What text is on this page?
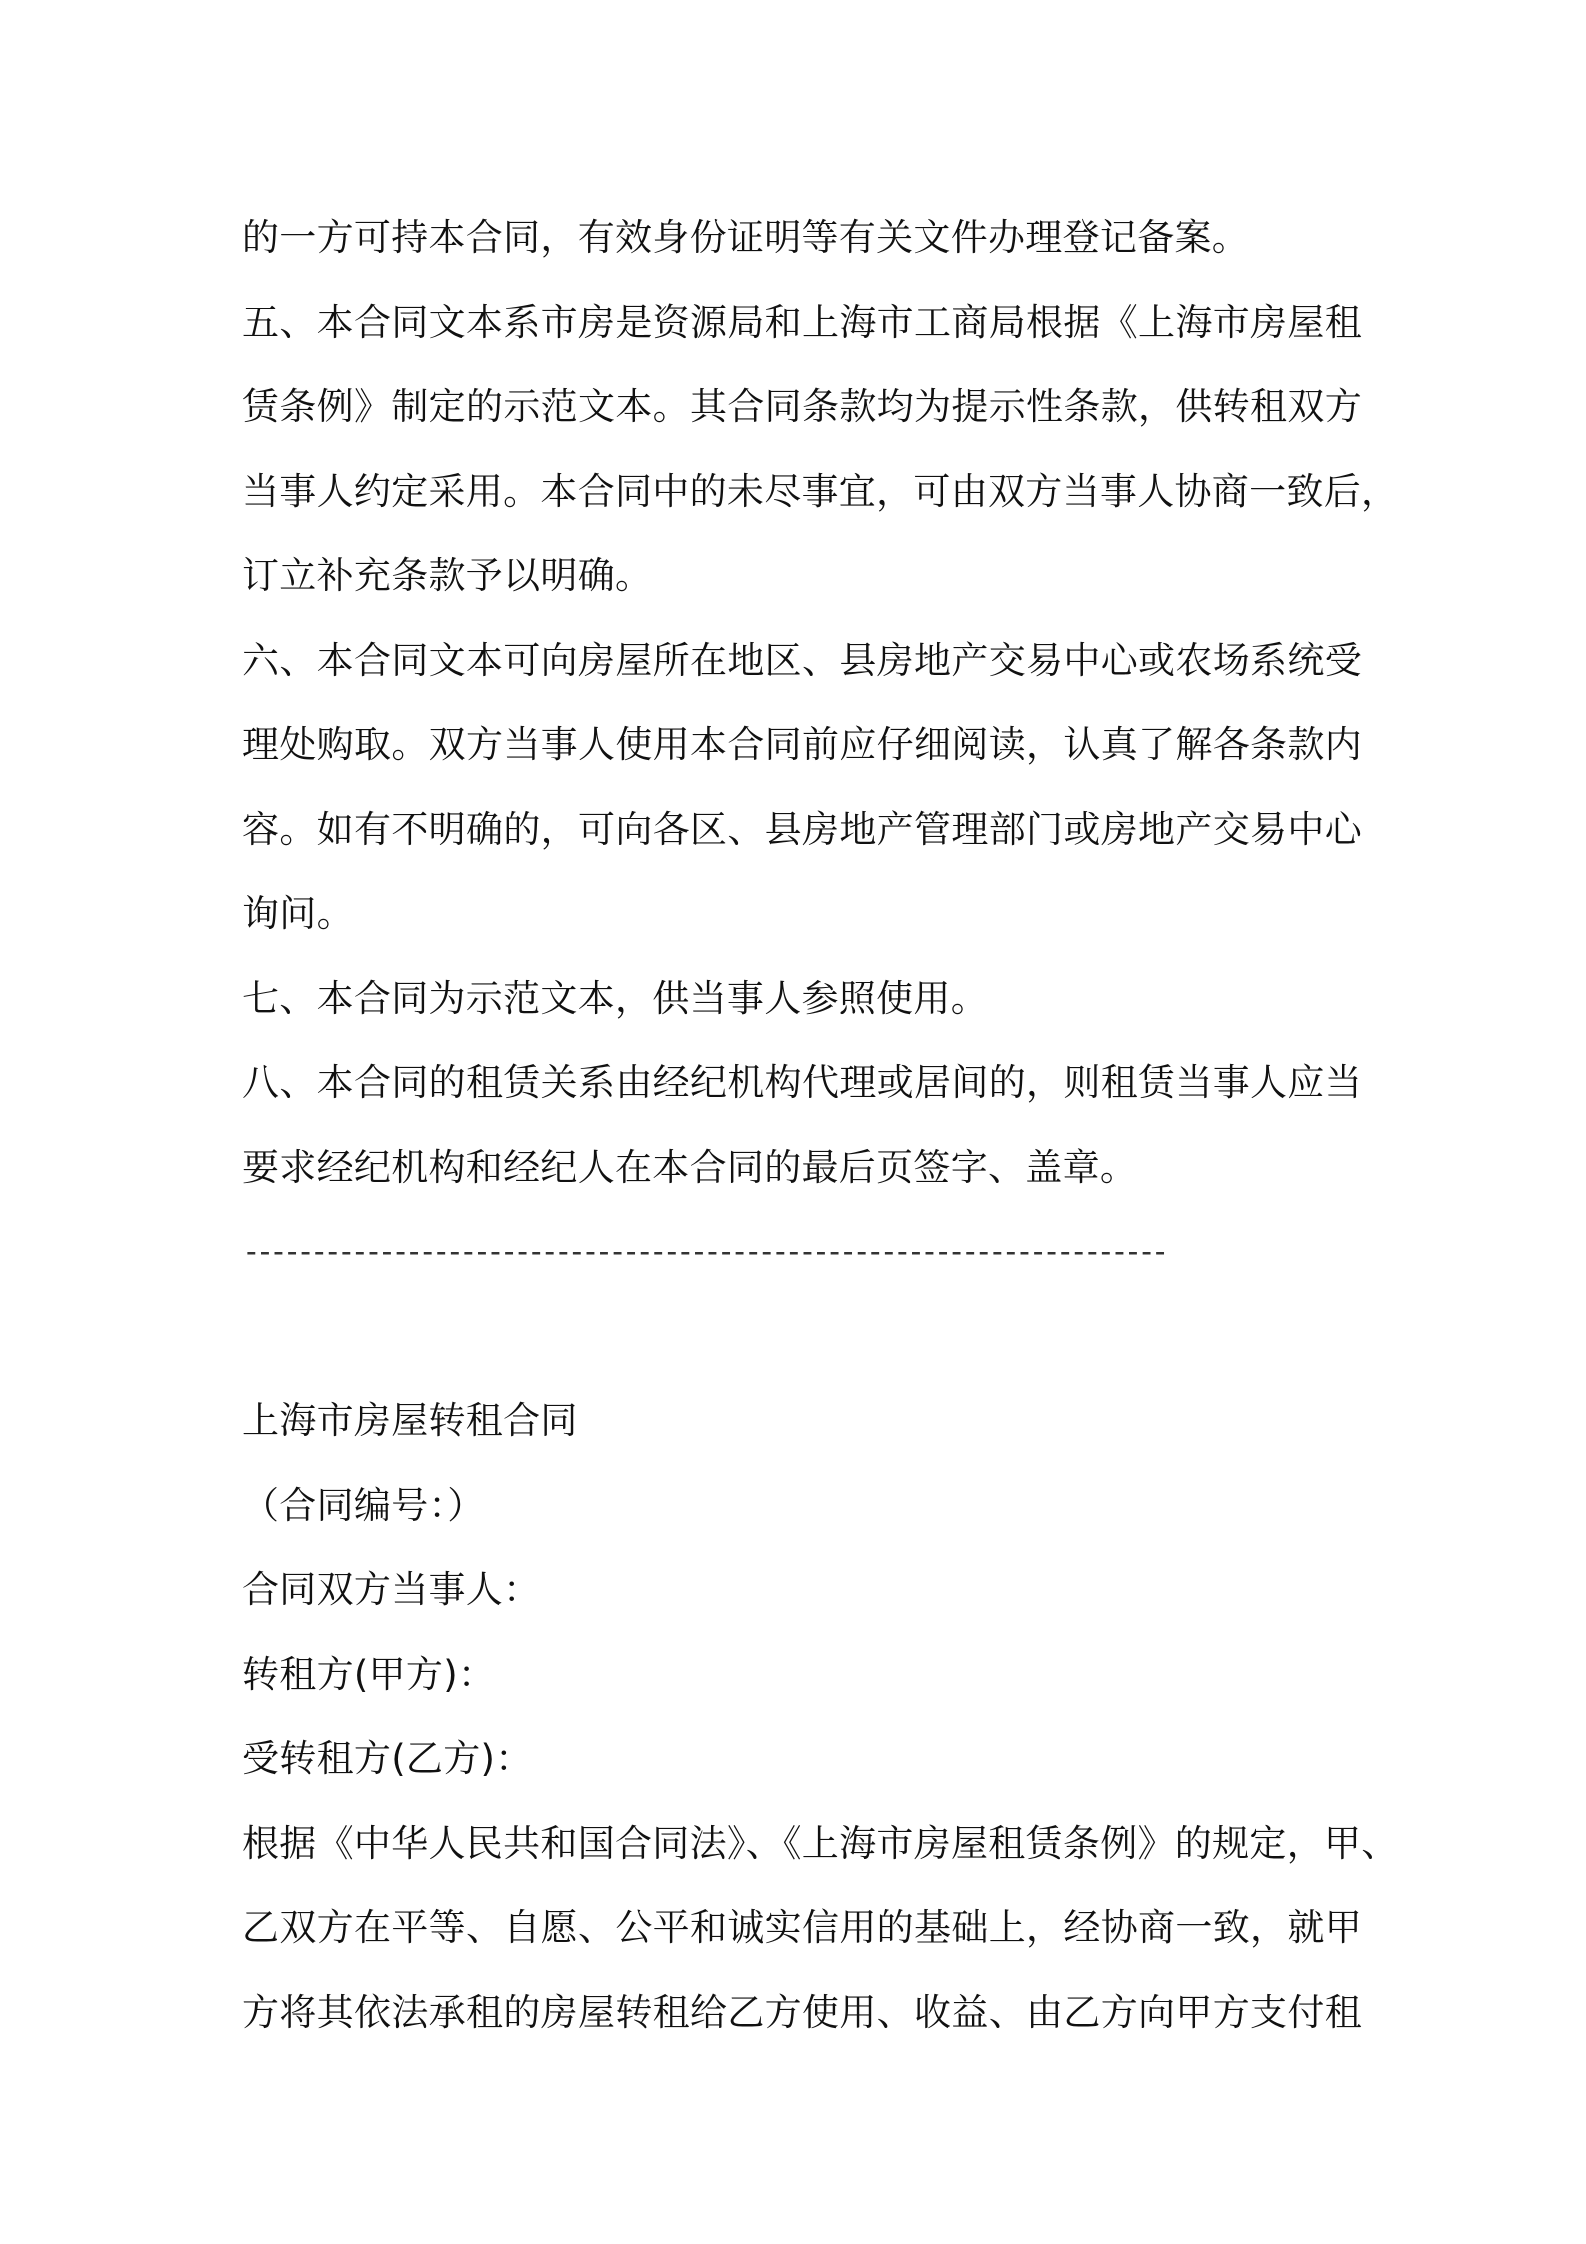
的一方可持本合同，有效身份证明等有关文件办理登记备案。
五、本合同文本系市房是资源局和上海市工商局根据《上海市房屋租
赁条例》制定的示范文本。其合同条款均为提示性条款，供转租双方
当事人约定采用。本合同中的未尽事宜，可由双方当事人协商一致后，
订立补充条款予以明确。
六、本合同文本可向房屋所在地区、县房地产交易中心或农场系统受
理处购取。双方当事人使用本合同前应仔细阅读，认真了解各条款内
容。如有不明确的，可向各区、县房地产管理部门或房地产交易中心
询问。
七、本合同为示范文本，供当事人参照使用。
八、本合同的租赁关系由经纪机构代理或居间的，则租赁当事人应当
要求经纪机构和经纪人在本合同的最后页签字、盖章。
--------------------------------------------------------------------
上海市房屋转租合同
（合同编号：）
合同双方当事人：
转租方(甲方)：
受转租方(乙方)：
根据《中华人民共和国合同法》、《上海市房屋租赁条例》的规定，甲、
乙双方在平等、自愿、公平和诚实信用的基础上，经协商一致，就甲
方将其依法承租的房屋转租给乙方使用、收益、由乙方向甲方支付租
